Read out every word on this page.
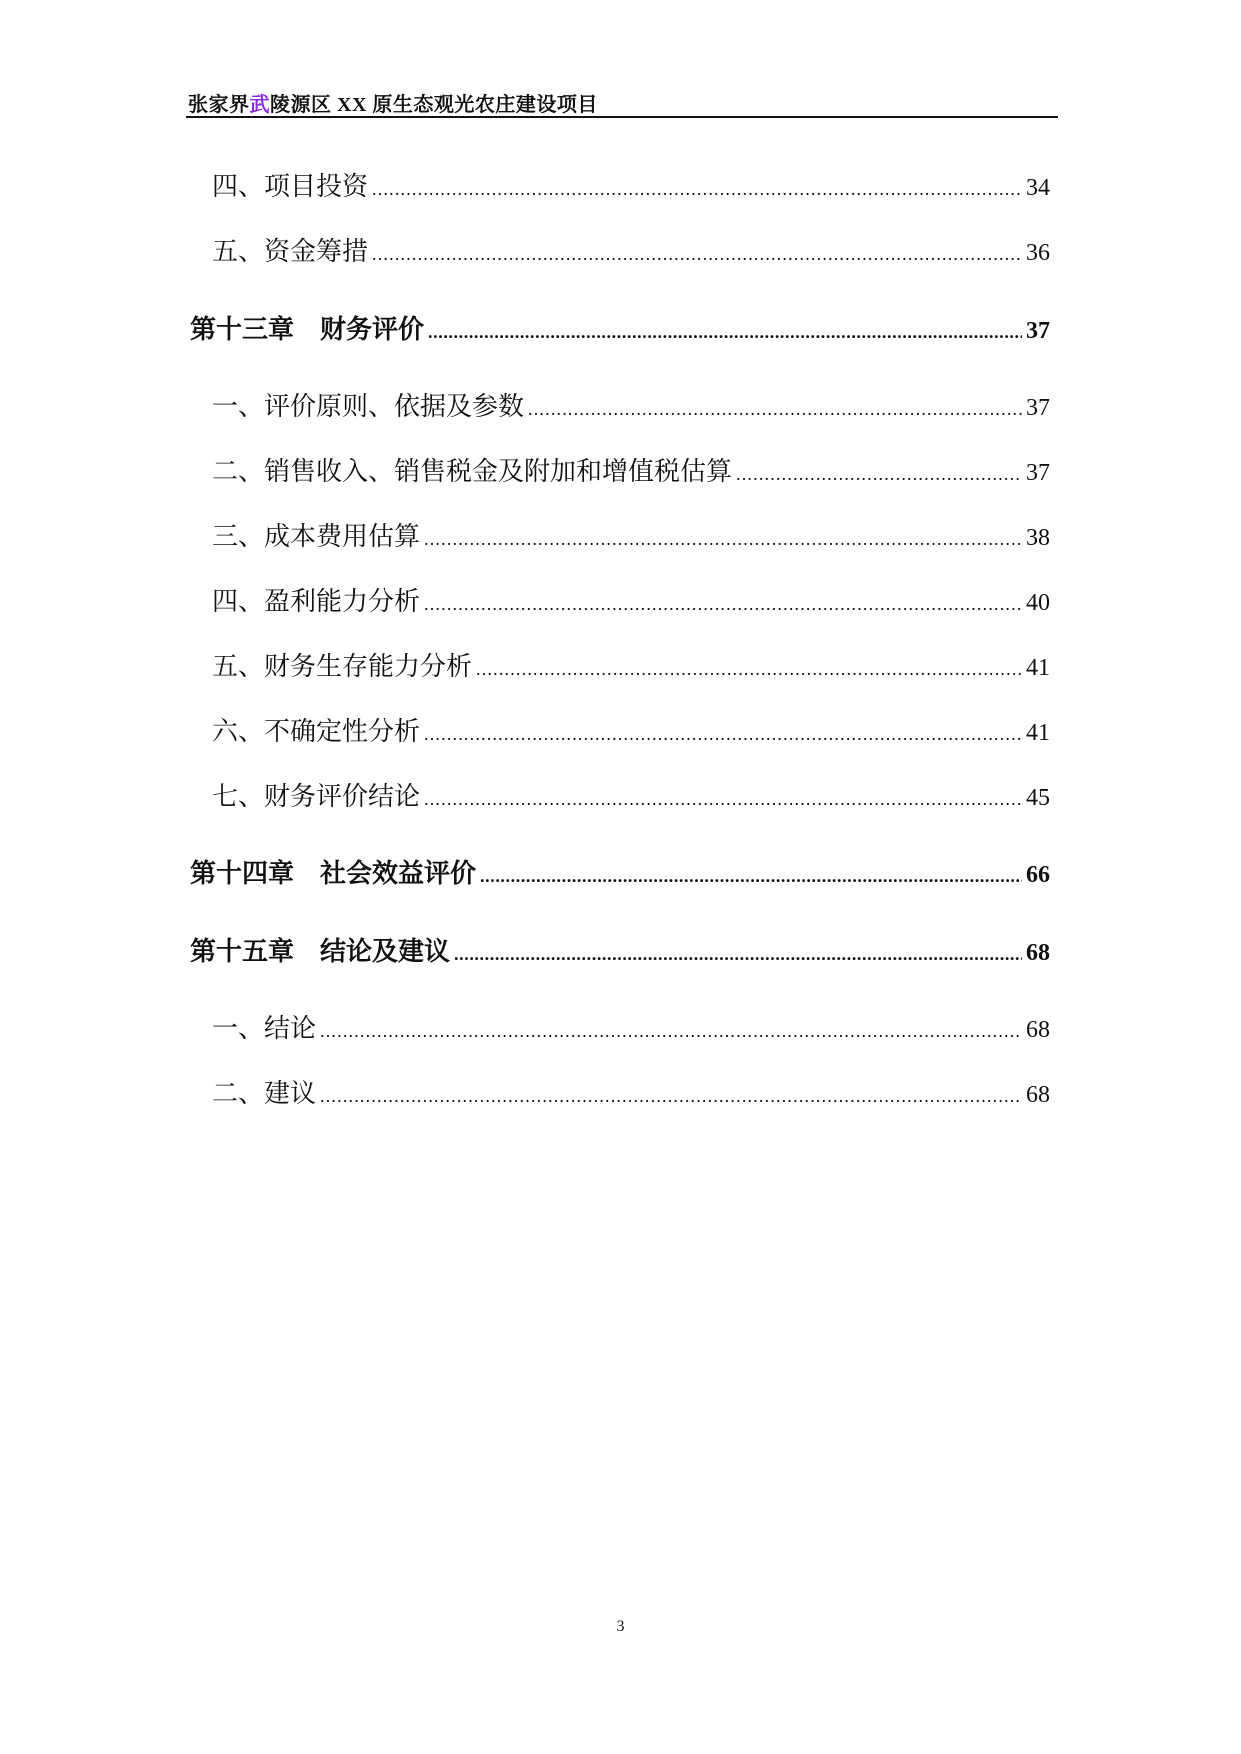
张家界武陵源区 XX 原生态观光农庄建设项目
四、项目投资 .....	34
五、资金筹措 .....	36
第十三章　财务评价 .....	37
一、评价原则、依据及参数 .....	37
二、销售收入、销售税金及附加和增值税估算 .....	37
三、成本费用估算 .....	38
四、盈利能力分析 .....	40
五、财务生存能力分析 .....	41
六、不确定性分析 .....	41
七、财务评价结论 .....	45
第十四章　社会效益评价 .....	66
第十五章　结论及建议 .....	68
一、结论 .....	68
二、建议 .....	68
3
